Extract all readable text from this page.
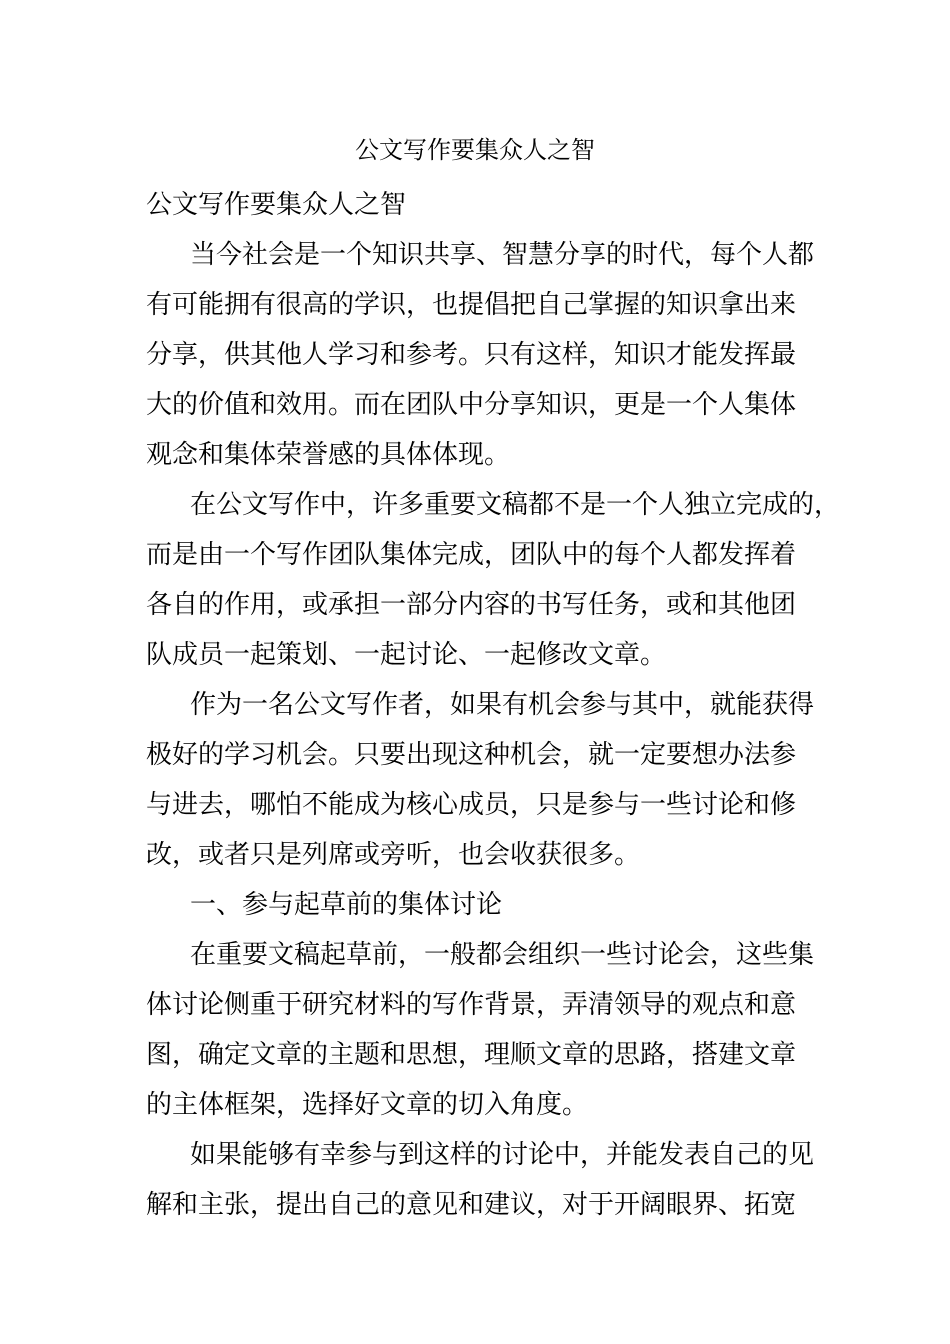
公文写作要集众人之智
公文写作要集众人之智
当今社会是一个知识共享、智慧分享的时代，每个人都
有可能拥有很高的学识，也提倡把自己掌握的知识拿出来
分享，供其他人学习和参考。只有这样，知识才能发挥最
大的价值和效用。而在团队中分享知识，更是一个人集体
观念和集体荣誉感的具体体现。
在公文写作中，许多重要文稿都不是一个人独立完成的，
而是由一个写作团队集体完成，团队中的每个人都发挥着
各自的作用，或承担一部分内容的书写任务，或和其他团
队成员一起策划、一起讨论、一起修改文章。
作为一名公文写作者，如果有机会参与其中，就能获得
极好的学习机会。只要出现这种机会，就一定要想办法参
与进去，哪怕不能成为核心成员，只是参与一些讨论和修
改，或者只是列席或旁听，也会收获很多。
一、参与起草前的集体讨论
在重要文稿起草前，一般都会组织一些讨论会，这些集
体讨论侧重于研究材料的写作背景，弄清领导的观点和意
图，确定文章的主题和思想，理顺文章的思路，搭建文章
的主体框架，选择好文章的切入角度。
如果能够有幸参与到这样的讨论中，并能发表自己的见
解和主张，提出自己的意见和建议，对于开阔眼界、拓宽
